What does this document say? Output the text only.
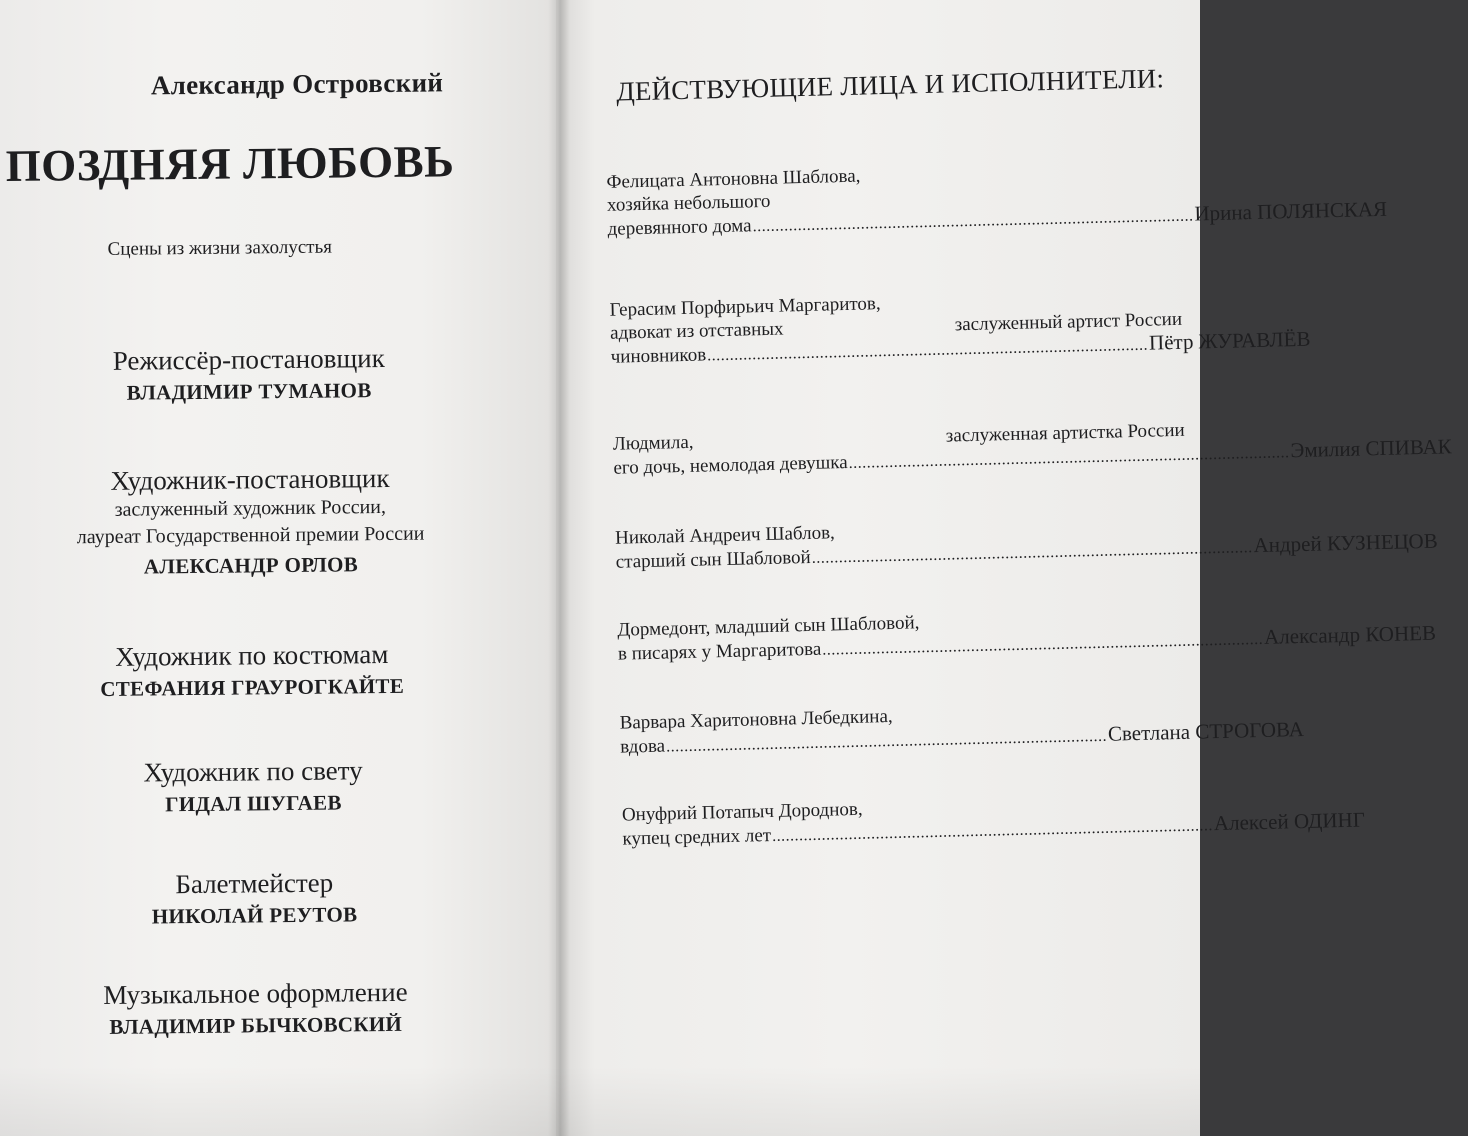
Александр Островский
ПОЗДНЯЯ ЛЮБОВЬ
Сцены из жизни захолустья
Режиссёр-постановщик
ВЛАДИМИР ТУМАНОВ
Художник-постановщик
заслуженный художник России,
лауреат Государственной премии России
АЛЕКСАНДР ОРЛОВ
Художник по костюмам
СТЕФАНИЯ ГРАУРОГКАЙТЕ
Художник по свету
ГИДАЛ ШУГАЕВ
Балетмейстер
НИКОЛАЙ РЕУТОВ
Музыкальное оформление
ВЛАДИМИР БЫЧКОВСКИЙ
ДЕЙСТВУЮЩИЕ ЛИЦА И ИСПОЛНИТЕЛИ:
Фелицата Антоновна Шаблова,
хозяйка небольшого
деревянного дома .................................................................................................. Ирина ПОЛЯНСКАЯ
заслуженный артист России
Герасим Порфирьич Маргаритов,
адвокат из отставных
чиновников .................................................................................................. Пётр ЖУРАВЛЁВ
заслуженная артистка России
Людмила,
его дочь, немолодая девушка .................................................................................................. Эмилия СПИВАК
Николай Андреич Шаблов,
старший сын Шабловой .................................................................................................. Андрей КУЗНЕЦОВ
Дормедонт, младший сын Шабловой,
в писарях у Маргаритова .................................................................................................. Александр КОНЕВ
Варвара Харитоновна Лебедкина,
вдова .................................................................................................. Светлана СТРОГОВА
Онуфрий Потапыч Дороднов,
купец средних лет .................................................................................................. Алексей ОДИНГ
